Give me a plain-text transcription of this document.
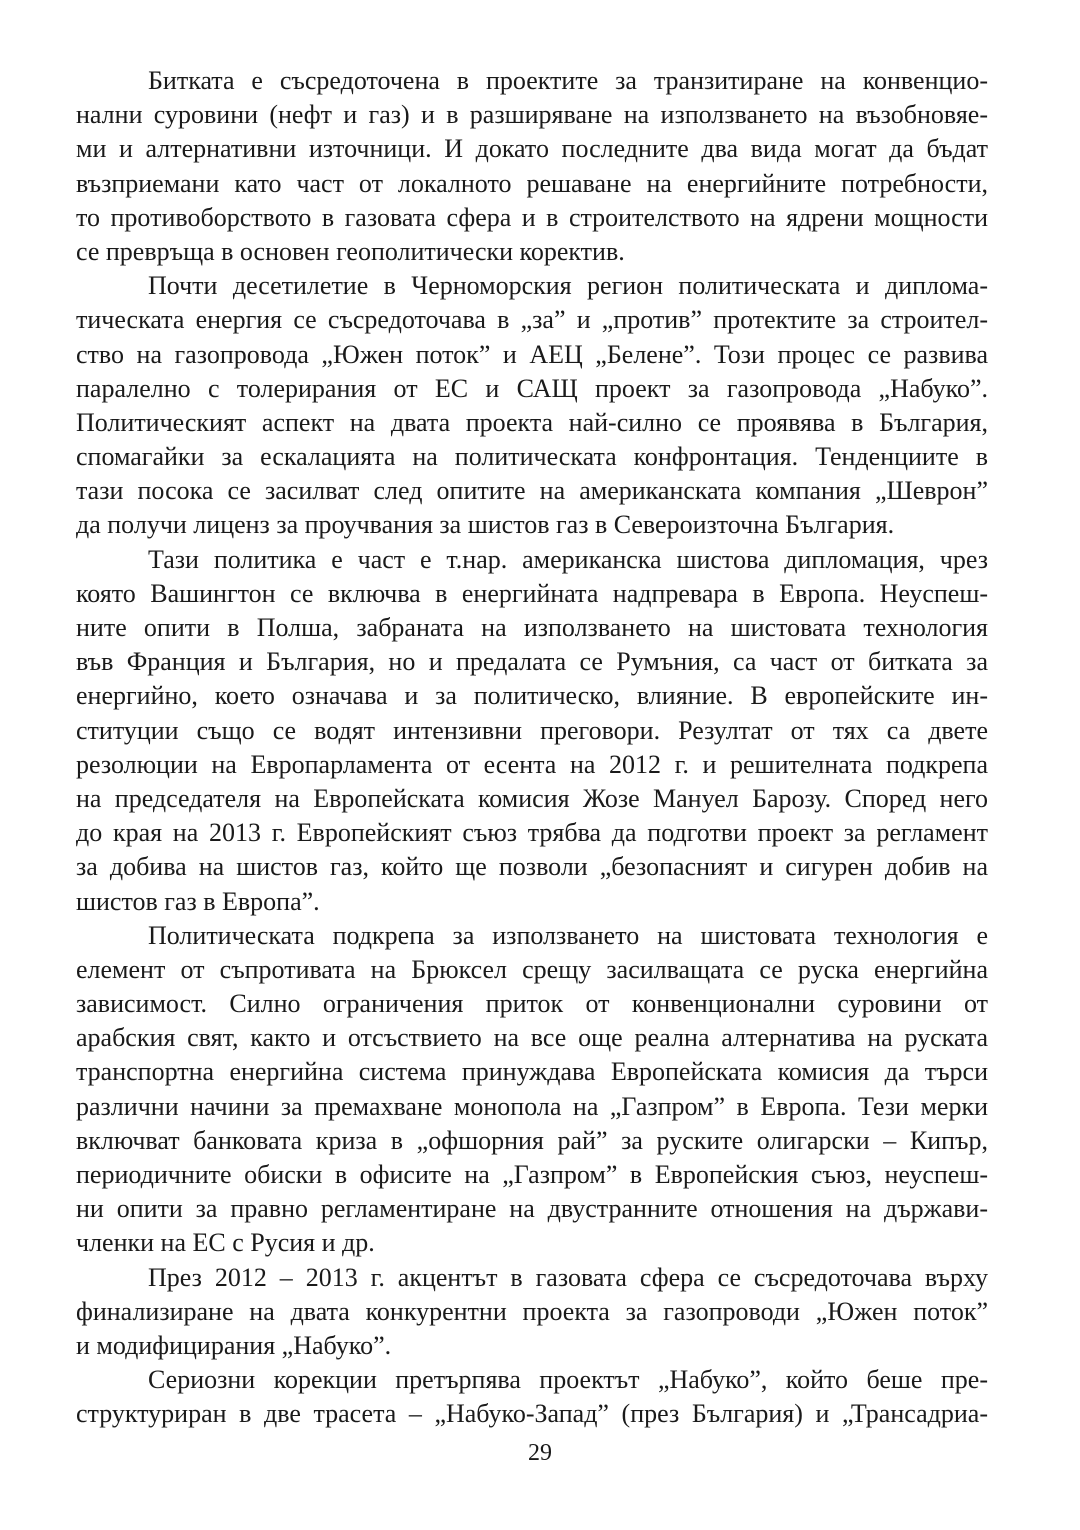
Битката е съсредоточена в проектите за транзитиране на конвенцио-
нални суровини (нефт и газ) и в разширяване на използването на възобновяе-
ми и алтернативни източници. И докато последните два вида могат да бъдат
възприемани като част от локалното решаване на енергийните потребности,
то противоборството в газовата сфера и в строителството на ядрени мощности
се превръща в основен геополитически коректив.
Почти десетилетие в Черноморския регион политическата и диплома-
тическата енергия се съсредоточава в „за” и „против” протектите за строител-
ство на газопровода „Южен поток” и АЕЦ „Белене”. Този процес се развива
паралелно с толерирания от ЕС и САЩ проект за газопровода „Набуко”.
Политическият аспект на двата проекта най-силно се проявява в България,
спомагайки за ескалацията на политическата конфронтация. Тенденциите в
тази посока се засилват след опитите на американската компания „Шеврон”
да получи лиценз за проучвания за шистов газ в Североизточна България.
Тази политика е част е т.нар. американска шистова дипломация, чрез
която Вашингтон се включва в енергийната надпревара в Европа. Неуспеш-
ните опити в Полша, забраната на използването на шистовата технология
във Франция и България, но и предалата се Румъния, са част от битката за
енергийно, което означава и за политическо, влияние. В европейските ин-
ституции също се водят интензивни преговори. Резултат от тях са двете
резолюции на Европарламента от есента на 2012 г. и решителната подкрепа
на председателя на Европейската комисия Жозе Мануел Барозу. Според него
до края на 2013 г. Европейският съюз трябва да подготви проект за регламент
за добива на шистов газ, който ще позволи „безопасният и сигурен добив на
шистов газ в Европа”.
Политическата подкрепа за използването на шистовата технология е
елемент от съпротивата на Брюксел срещу засилващата се руска енергийна
зависимост. Силно ограничения приток от конвенционални суровини от
арабския свят, както и отсъствието на все още реална алтернатива на руската
транспортна енергийна система принуждава Европейската комисия да търси
различни начини за премахване монопола на „Газпром” в Европа. Тези мерки
включват банковата криза в „офшорния рай” за руските олигарски – Кипър,
периодичните обиски в офисите на „Газпром” в Европейския съюз, неуспеш-
ни опити за правно регламентиране на двустранните отношения на държави-
членки на ЕС с Русия и др.
През 2012 – 2013 г. акцентът в газовата сфера се съсредоточава върху
финализиране на двата конкурентни проекта за газопроводи „Южен поток”
и модифицирания „Набуко”.
Сериозни корекции претърпява проектът „Набуко”, който беше пре-
структуриран в две трасета – „Набуко-Запад” (през България) и „Трансадриа-
29
